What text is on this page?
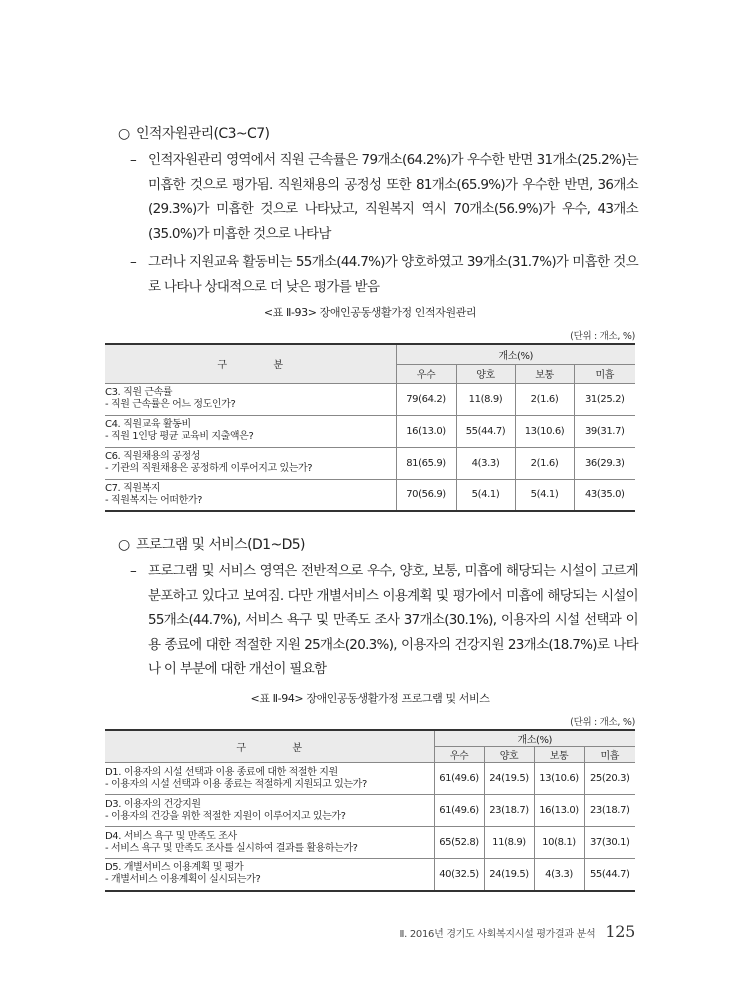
○ 인적자원관리(C3~C7)
– 인적자원관리 영역에서 직원 근속률은 79개소(64.2%)가 우수한 반면 31개소(25.2%)는 미흡한 것으로 평가됨. 직원채용의 공정성 또한 81개소(65.9%)가 우수한 반면, 36개소(29.3%)가 미흡한 것으로 나타났고, 직원복지 역시 70개소(56.9%)가 우수, 43개소(35.0%)가 미흡한 것으로 나타남
– 그러나 지원교육 활동비는 55개소(44.7%)가 양호하였고 39개소(31.7%)가 미흡한 것으로 나타나 상대적으로 더 낮은 평가를 받음
<표 Ⅱ-93> 장애인공동생활가정 인적자원관리
(단위 : 개소, %)
구 분	개소(%)			
	우수	양호	보통	미흡

C3. 직원 근속률
- 직원 근속률은 어느 정도인가?	79(64.2)	11(8.9)	2(1.6)	31(25.2)

C4. 직원교육 활동비
- 직원 1인당 평균 교육비 지출액은?	16(13.0)	55(44.7)	13(10.6)	39(31.7)

C6. 직원채용의 공정성
- 기관의 직원채용은 공정하게 이루어지고 있는가?	81(65.9)	4(3.3)	2(1.6)	36(29.3)

C7. 직원복지
- 직원복지는 어떠한가?	70(56.9)	5(4.1)	5(4.1)	43(35.0)
○ 프로그램 및 서비스(D1~D5)
– 프로그램 및 서비스 영역은 전반적으로 우수, 양호, 보통, 미흡에 해당되는 시설이 고르게 분포하고 있다고 보여짐. 다만 개별서비스 이용계획 및 평가에서 미흡에 해당되는 시설이 55개소(44.7%), 서비스 욕구 및 만족도 조사 37개소(30.1%), 이용자의 시설 선택과 이용 종료에 대한 적절한 지원 25개소(20.3%), 이용자의 건강지원 23개소(18.7%)로 나타나 이 부분에 대한 개선이 필요함
<표 Ⅱ-94> 장애인공동생활가정 프로그램 및 서비스
(단위 : 개소, %)
구 분	개소(%)			
	우수	양호	보통	미흡

D1. 이용자의 시설 선택과 이용 종료에 대한 적절한 지원
- 이용자의 시설 선택과 이용 종료는 적절하게 지원되고 있는가?	61(49.6)	24(19.5)	13(10.6)	25(20.3)

D3. 이용자의 건강지원
- 이용자의 건강을 위한 적절한 지원이 이루어지고 있는가?	61(49.6)	23(18.7)	16(13.0)	23(18.7)

D4. 서비스 욕구 및 만족도 조사
- 서비스 욕구 및 만족도 조사를 실시하여 결과를 활용하는가?	65(52.8)	11(8.9)	10(8.1)	37(30.1)

D5. 개별서비스 이용계획 및 평가
- 개별서비스 이용계획이 실시되는가?	40(32.5)	24(19.5)	4(3.3)	55(44.7)
Ⅱ. 2016년 경기도 사회복지시설 평가결과 분석 125
